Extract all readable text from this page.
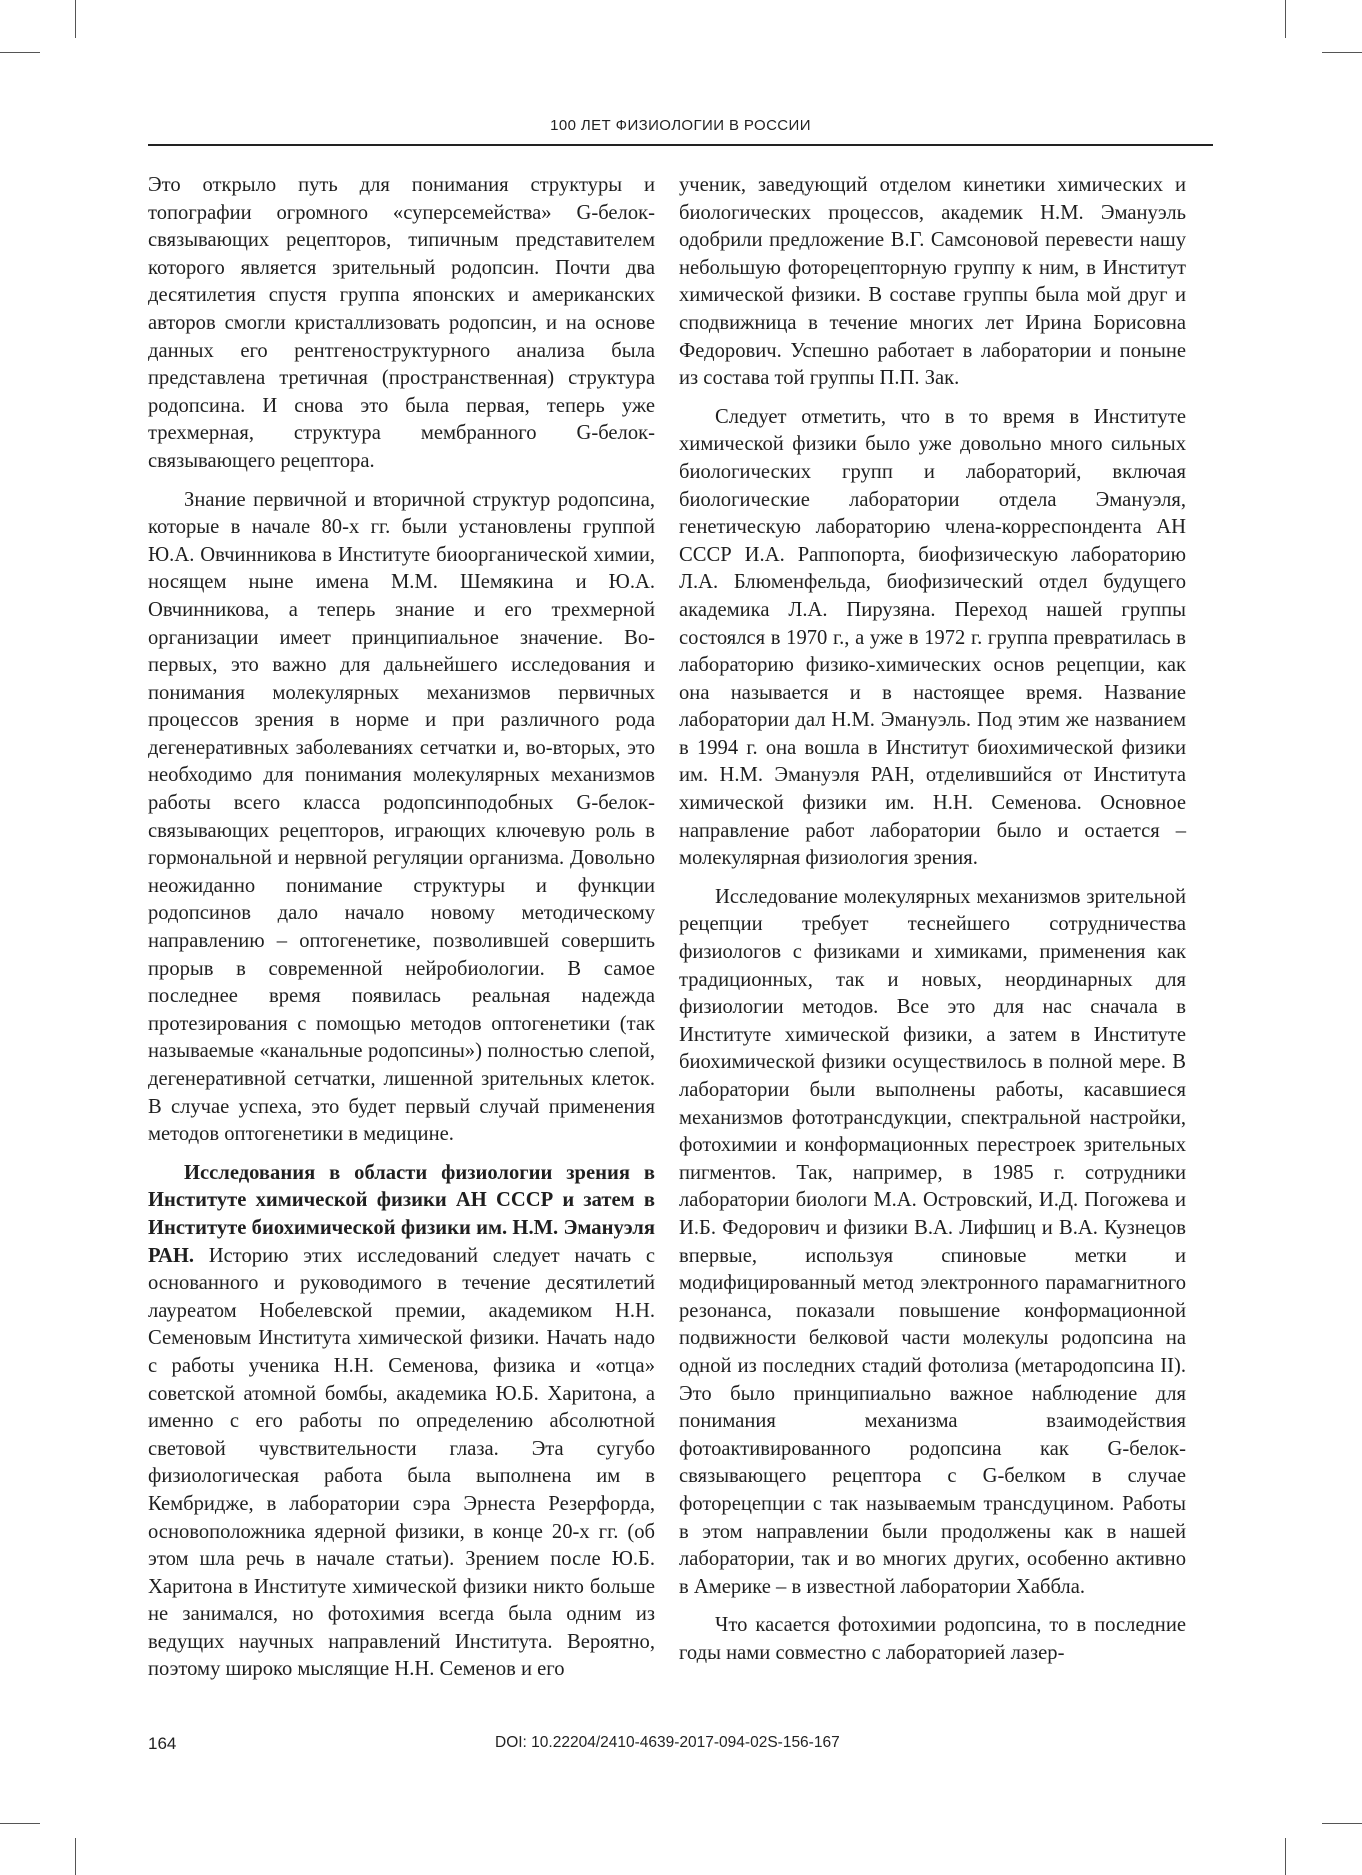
100 ЛЕТ ФИЗИОЛОГИИ В РОССИИ

Это открыло путь для понимания структуры и топографии огромного «суперсемейства» G-белок-связывающих рецепторов, типичным представителем которого является зрительный родопсин. Почти два десятилетия спустя группа японских и американских авторов смогли кристаллизовать родопсин, и на основе данных его рентгеноструктурного анализа была представлена третичная (пространственная) структура родопсина. И снова это была первая, теперь уже трехмерная, структура мембранного G-белок-связывающего рецептора.

Знание первичной и вторичной структур родопсина, которые в начале 80-х гг. были установлены группой Ю.А. Овчинникова в Институте биоорганической химии, носящем ныне имена М.М. Шемякина и Ю.А. Овчинникова, а теперь знание и его трехмерной организации имеет принципиальное значение. Во-первых, это важно для дальнейшего исследования и понимания молекулярных механизмов первичных процессов зрения в норме и при различного рода дегенеративных заболеваниях сетчатки и, во-вторых, это необходимо для понимания молекулярных механизмов работы всего класса родопсинподобных G-белок-связывающих рецепторов, играющих ключевую роль в гормональной и нервной регуляции организма. Довольно неожиданно понимание структуры и функции родопсинов дало начало новому методическому направлению – оптогенетике, позволившей совершить прорыв в современной нейробиологии. В самое последнее время появилась реальная надежда протезирования с помощью методов оптогенетики (так называемые «канальные родопсины») полностью слепой, дегенеративной сетчатки, лишенной зрительных клеток. В случае успеха, это будет первый случай применения методов оптогенетики в медицине.

Исследования в области физиологии зрения в Институте химической физики АН СССР и затем в Институте биохимической физики им. Н.М. Эмануэля РАН. Историю этих исследований следует начать с основанного и руководимого в течение десятилетий лауреатом Нобелевской премии, академиком Н.Н. Семеновым Института химической физики. Начать надо с работы ученика Н.Н. Семенова, физика и «отца» советской атомной бомбы, академика Ю.Б. Харитона, а именно с его работы по определению абсолютной световой чувствительности глаза. Эта сугубо физиологическая работа была выполнена им в Кембридже, в лаборатории сэра Эрнеста Резерфорда, основоположника ядерной физики, в конце 20-х гг. (об этом шла речь в начале статьи). Зрением после Ю.Б. Харитона в Институте химической физики никто больше не занимался, но фотохимия всегда была одним из ведущих научных направлений Института. Вероятно, поэтому широко мыслящие Н.Н. Семенов и его

ученик, заведующий отделом кинетики химических и биологических процессов, академик Н.М. Эмануэль одобрили предложение В.Г. Самсоновой перевести нашу небольшую фоторецепторную группу к ним, в Институт химической физики. В составе группы была мой друг и сподвижница в течение многих лет Ирина Борисовна Федорович. Успешно работает в лаборатории и поныне из состава той группы П.П. Зак.

Следует отметить, что в то время в Институте химической физики было уже довольно много сильных биологических групп и лабораторий, включая биологические лаборатории отдела Эмануэля, генетическую лабораторию члена-корреспондента АН СССР И.А. Раппопорта, биофизическую лабораторию Л.А. Блюменфельда, биофизический отдел будущего академика Л.А. Пирузяна. Переход нашей группы состоялся в 1970 г., а уже в 1972 г. группа превратилась в лабораторию физико-химических основ рецепции, как она называется и в настоящее время. Название лаборатории дал Н.М. Эмануэль. Под этим же названием в 1994 г. она вошла в Институт биохимической физики им. Н.М. Эмануэля РАН, отделившийся от Института химической физики им. Н.Н. Семенова. Основное направление работ лаборатории было и остается – молекулярная физиология зрения.

Исследование молекулярных механизмов зрительной рецепции требует теснейшего сотрудничества физиологов с физиками и химиками, применения как традиционных, так и новых, неординарных для физиологии методов. Все это для нас сначала в Институте химической физики, а затем в Институте биохимической физики осуществилось в полной мере. В лаборатории были выполнены работы, касавшиеся механизмов фототрансдукции, спектральной настройки, фотохимии и конформационных перестроек зрительных пигментов. Так, например, в 1985 г. сотрудники лаборатории биологи М.А. Островский, И.Д. Погожева и И.Б. Федорович и физики В.А. Лифшиц и В.А. Кузнецов впервые, используя спиновые метки и модифицированный метод электронного парамагнитного резонанса, показали повышение конформационной подвижности белковой части молекулы родопсина на одной из последних стадий фотолиза (метародопсина II). Это было принципиально важное наблюдение для понимания механизма взаимодействия фотоактивированного родопсина как G-белок-связывающего рецептора с G-белком в случае фоторецепции с так называемым трансдуцином. Работы в этом направлении были продолжены как в нашей лаборатории, так и во многих других, особенно активно в Америке – в известной лаборатории Хаббла.

Что касается фотохимии родопсина, то в последние годы нами совместно с лабораторией лазер-

164	DOI: 10.22204/2410-4639-2017-094-02S-156-167
